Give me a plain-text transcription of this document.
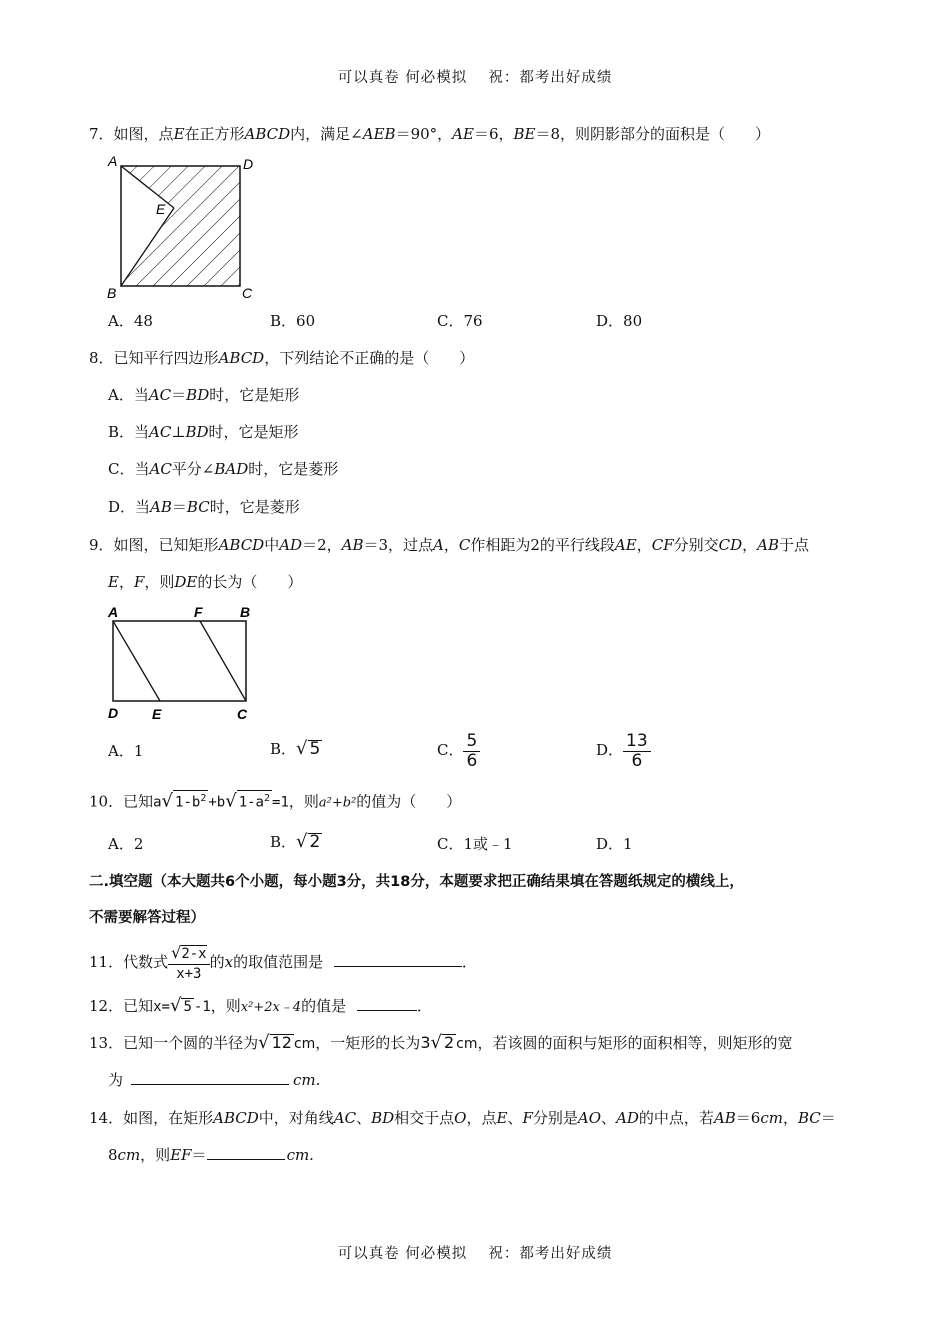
可以真卷 何必模拟　 祝：都考出好成绩
7．如图，点E在正方形ABCD内，满足∠AEB＝90°，AE＝6，BE＝8，则阴影部分的面积是（　　）
A	D
E
B	C
A．48	B．60	C．76	D．80
8．已知平行四边形ABCD，下列结论不正确的是（　　）
A．当AC＝BD时，它是矩形
B．当AC⊥BD时，它是矩形
C．当AC平分∠BAD时，它是菱形
D．当AB＝BC时，它是菱形
9．如图，已知矩形ABCD中AD＝2，AB＝3，过点A，C作相距为2的平行线段AE，CF分别交CD，AB于点
E，F，则DE的长为（　　）
A	F	B
D E	C
A．1	B．√ 5	C． $\frac{5}{6}$	D． $\frac{13}{6}$
10．已知a√ $1-b^2 +b√$ $1-a^2 =1$，则a²+b²的值为（　　）
A．2	B．√ 2	C．1或﹣1	D．1
二.填空题（本大题共6个小题，每小题3分，共18分，本题要求把正确结果填在答题纸规定的横线上，
不需要解答过程）
11．代数式 $\frac{√2-x}{x+3}$ 的x的取值范围是	．
12．已知x=√ 5 -1，则x²+2x﹣4的值是	．
13．已知一个圆的半径为√ 12 cm，一矩形的长为3√ 2 cm，若该圆的面积与矩形的面积相等，则矩形的宽
为	cm.
14．如图，在矩形ABCD中，对角线AC、BD相交于点O，点E、F分别是AO、AD的中点，若AB＝6cm，BC＝
8cm，则EF＝	cm.
可以真卷 何必模拟　 祝：都考出好成绩
